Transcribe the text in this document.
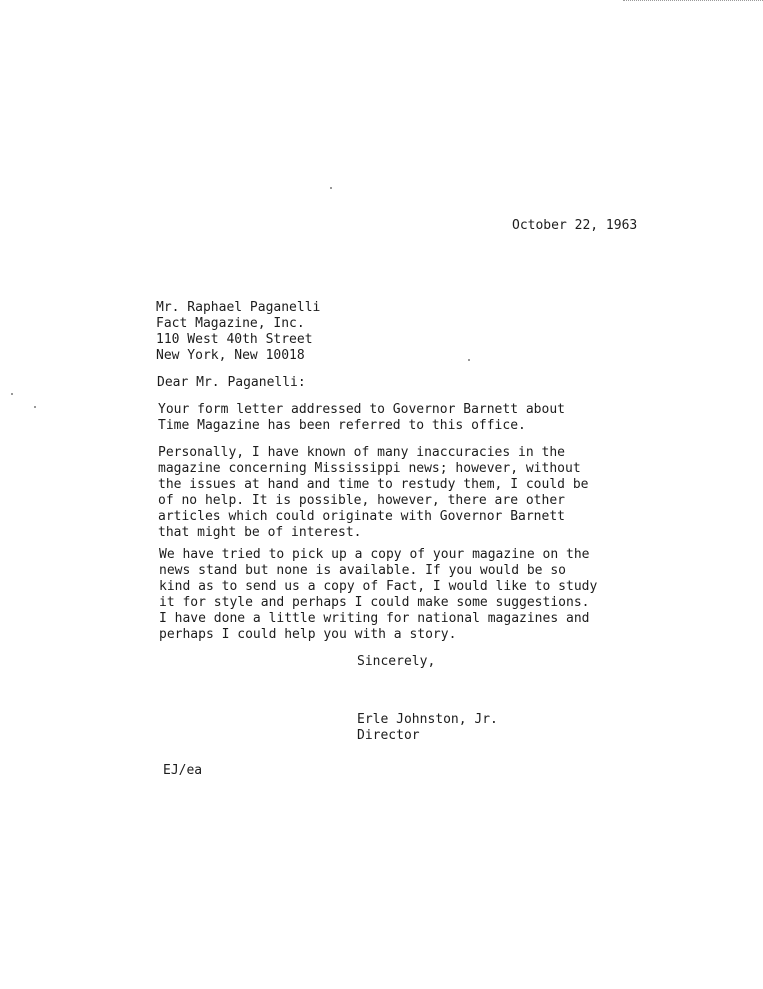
October 22, 1963
Mr. Raphael Paganelli
Fact Magazine, Inc.
110 West 40th Street
New York, New 10018
Dear Mr. Paganelli:
Your form letter addressed to Governor Barnett about
Time Magazine has been referred to this office.
Personally, I have known of many inaccuracies in the
magazine concerning Mississippi news; however, without
the issues at hand and time to restudy them, I could be
of no help. It is possible, however, there are other
articles which could originate with Governor Barnett
that might be of interest.
We have tried to pick up a copy of your magazine on the
news stand but none is available. If you would be so
kind as to send us a copy of Fact, I would like to study
it for style and perhaps I could make some suggestions.
I have done a little writing for national magazines and
perhaps I could help you with a story.
Sincerely,
Erle Johnston, Jr.
Director
EJ/ea
